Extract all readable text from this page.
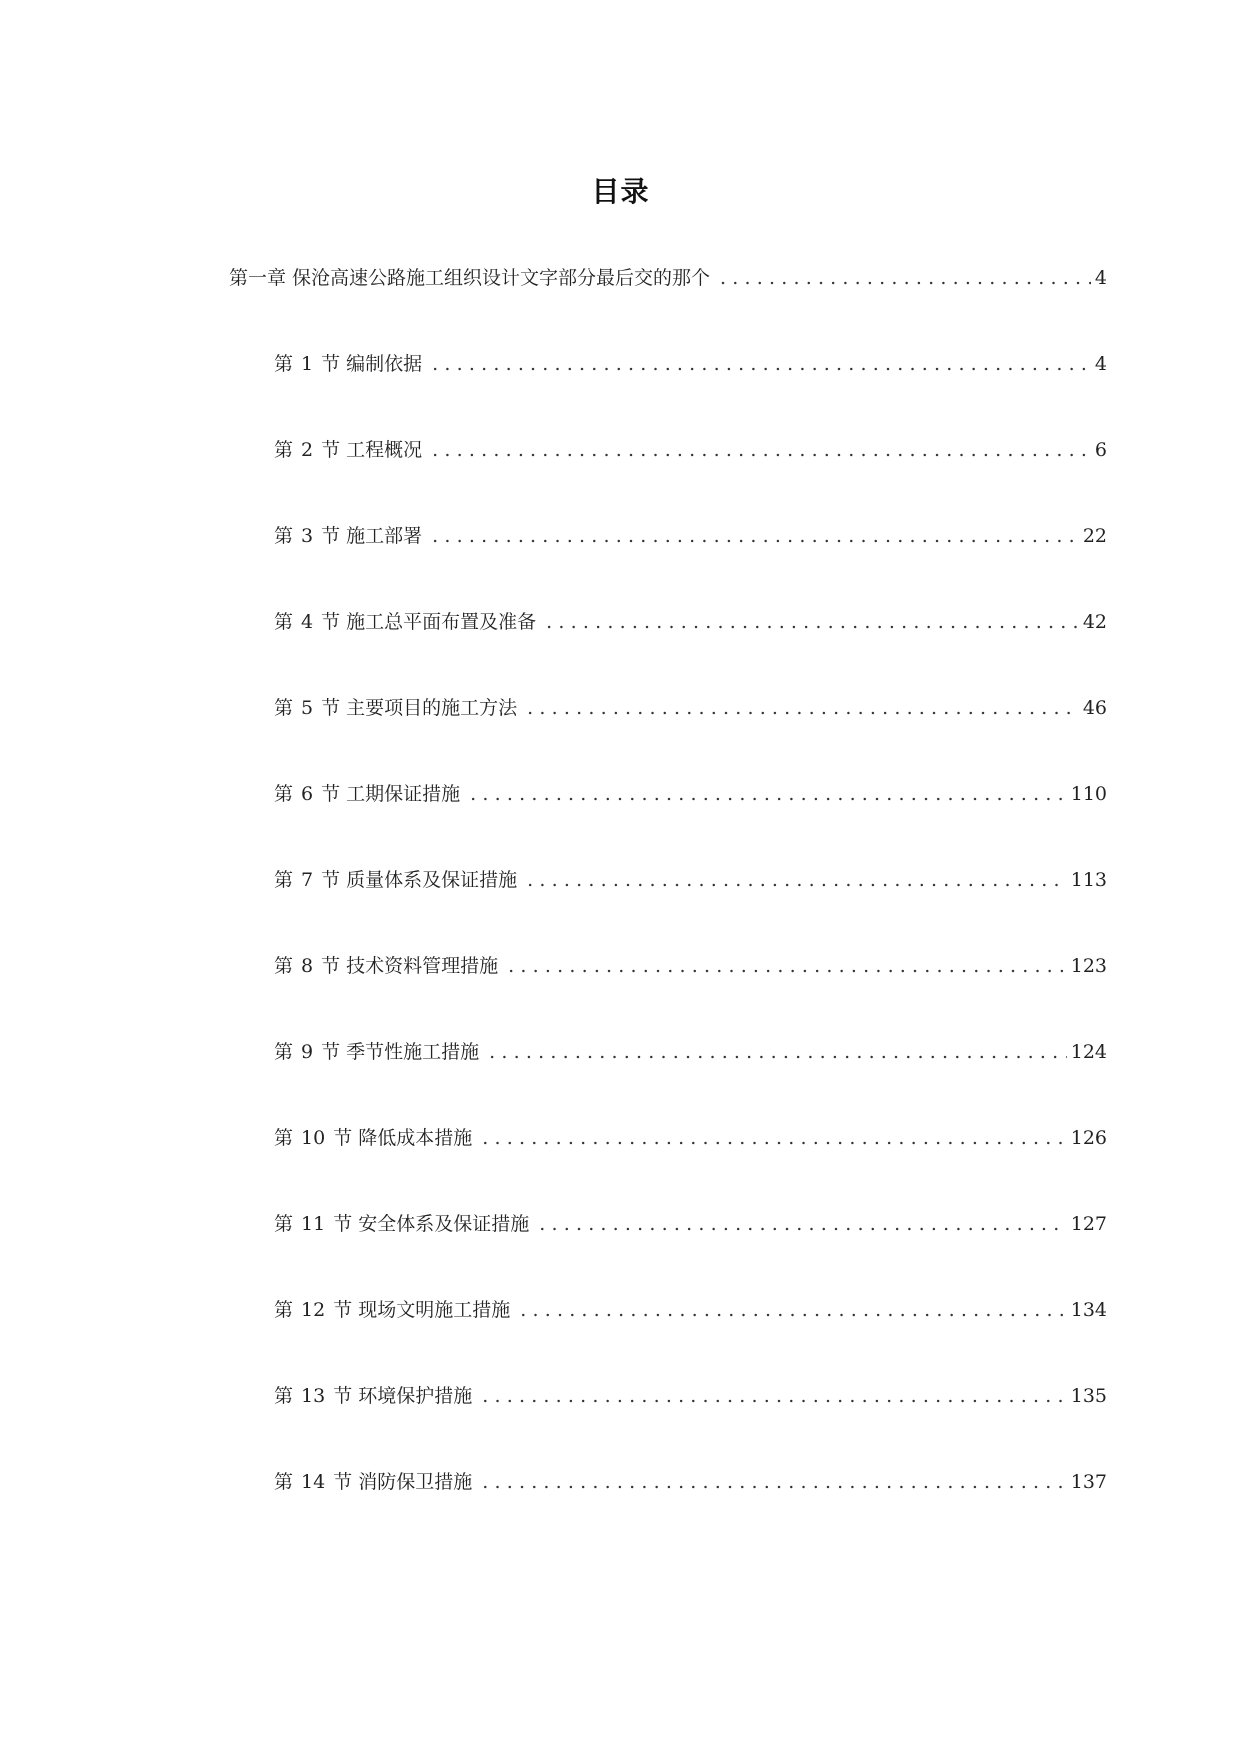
目录
第一章 保沧高速公路施工组织设计文字部分最后交的那个 .....	4
第 1 节 编制依据 .....	4
第 2 节 工程概况 .....	6
第 3 节 施工部署 .....	22
第 4 节 施工总平面布置及准备 .....	42
第 5 节 主要项目的施工方法 .....	46
第 6 节 工期保证措施 .....	110
第 7 节 质量体系及保证措施 .....	113
第 8 节 技术资料管理措施 .....	123
第 9 节 季节性施工措施 .....	124
第 10 节 降低成本措施 .....	126
第 11 节 安全体系及保证措施 .....	127
第 12 节 现场文明施工措施 .....	134
第 13 节 环境保护措施 .....	135
第 14 节 消防保卫措施 .....	137
